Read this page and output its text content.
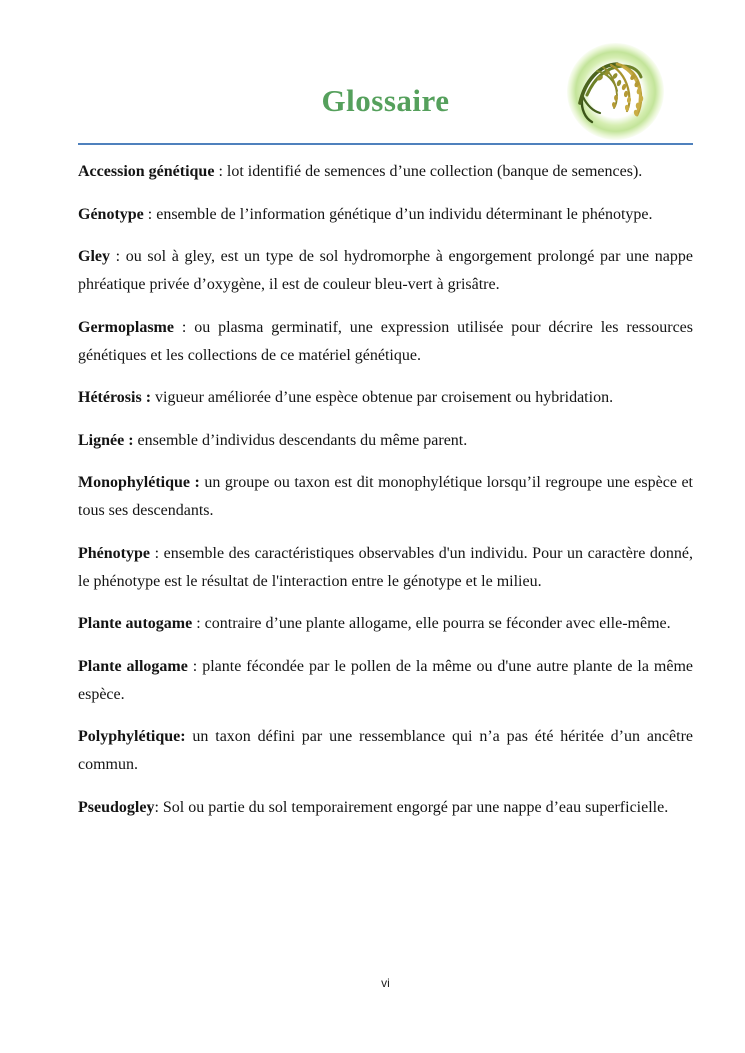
Glossaire

Accession génétique : lot identifié de semences d’une collection (banque de semences).

Génotype : ensemble de l’information génétique d’un individu déterminant le phénotype.

Gley : ou sol à gley, est un type de sol hydromorphe à engorgement prolongé par une nappe phréatique privée d’oxygène, il est de couleur bleu-vert à grisâtre.

Germoplasme : ou plasma germinatif, une expression utilisée pour décrire les ressources génétiques et les collections de ce matériel génétique.

Hétérosis : vigueur améliorée d’une espèce obtenue par croisement ou hybridation.

Lignée : ensemble d’individus descendants du même parent.

Monophylétique : un groupe ou taxon est dit monophylétique lorsqu’il regroupe une espèce et tous ses descendants.

Phénotype : ensemble des caractéristiques observables d'un individu. Pour un caractère donné, le phénotype est le résultat de l'interaction entre le génotype et le milieu.

Plante autogame : contraire d’une plante allogame, elle pourra se féconder avec elle-même.

Plante allogame : plante fécondée par le pollen de la même ou d'une autre plante de la même espèce.

Polyphylétique: un taxon défini par une ressemblance qui n’a pas été héritée d’un ancêtre commun.

Pseudogley: Sol ou partie du sol temporairement engorgé par une nappe d’eau superficielle.

vi
